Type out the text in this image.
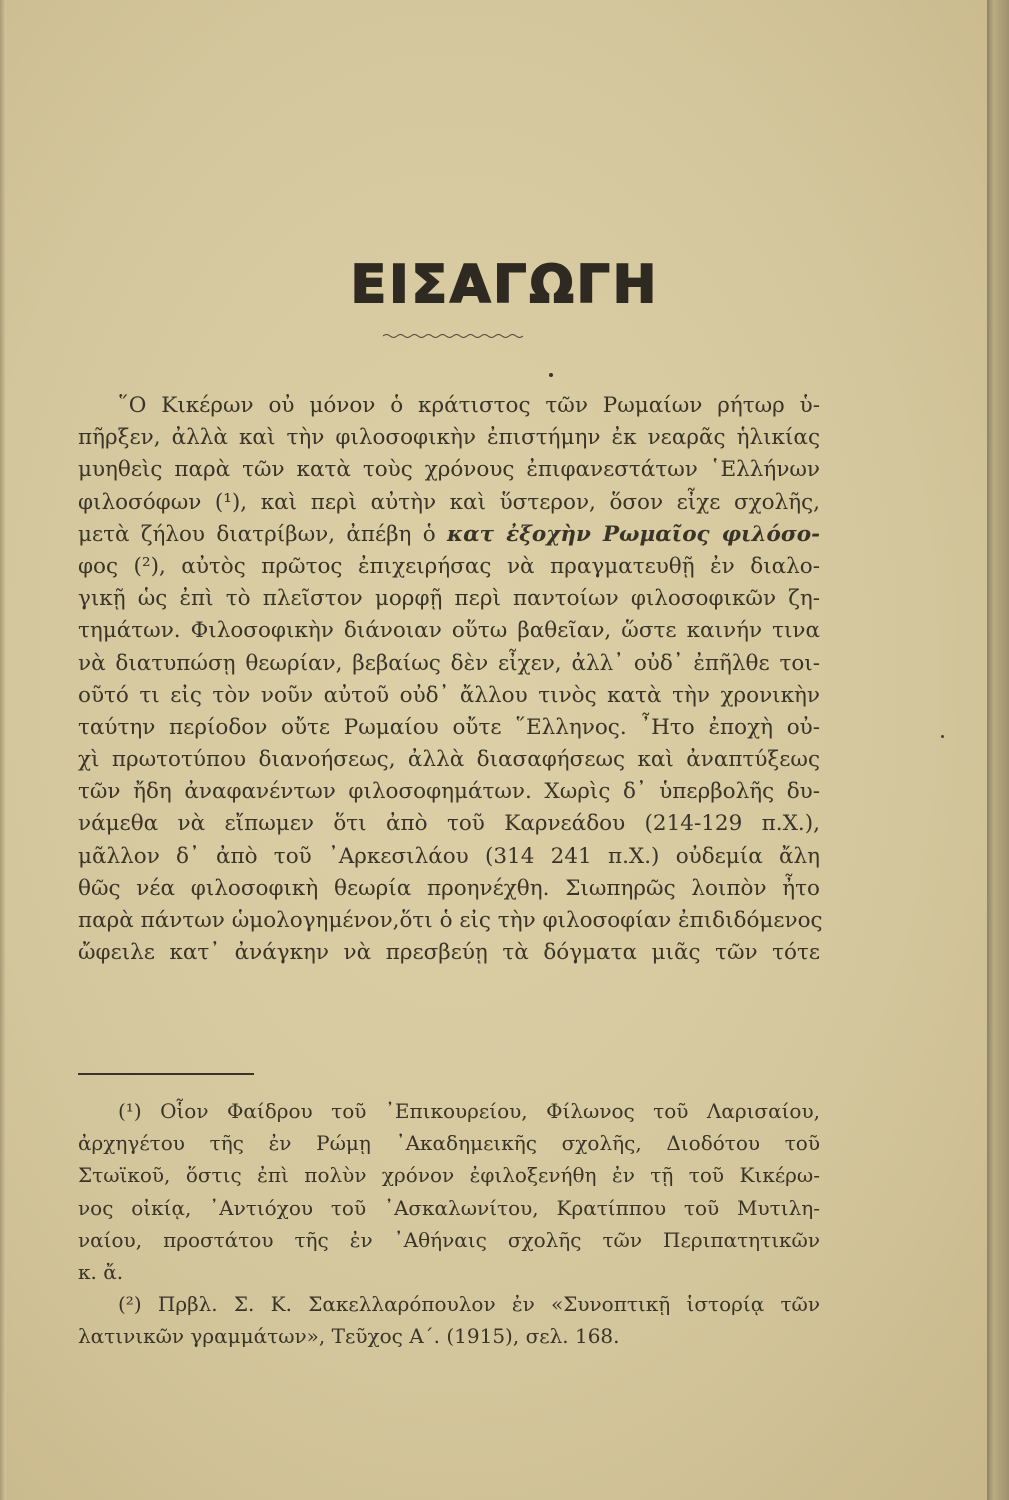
ΕΙΣΑΓΩΓΗ
῞Ο Κικέρων οὐ μόνον ὁ κράτιστος τῶν Ρωμαίων ρήτωρ ὑ-
πῆρξεν, ἀλλὰ καὶ τὴν φιλοσοφικὴν ἐπιστήμην ἐκ νεαρᾶς ἡλικίας
μυηθεὶς παρὰ τῶν κατὰ τοὺς χρόνους ἐπιφανεστάτων ῾Ελλήνων
φιλοσόφων (¹), καὶ περὶ αὐτὴν καὶ ὕστερον, ὅσον εἶχε σχολῆς,
μετὰ ζήλου διατρίβων, ἀπέβη ὁ κατ ἐξοχὴν Ρωμαῖος φιλόσο-
φος (²), αὐτὸς πρῶτος ἐπιχειρήσας νὰ πραγματευθῇ ἐν διαλο-
γικῇ ὡς ἐπὶ τὸ πλεῖστον μορφῇ περὶ παντοίων φιλοσοφικῶν ζη-
τημάτων. Φιλοσοφικὴν διάνοιαν οὕτω βαθεῖαν, ὥστε καινήν τινα
νὰ διατυπώσῃ θεωρίαν, βεβαίως δὲν εἶχεν, ἀλλ᾿ οὐδ᾿ ἐπῆλθε τοι-
οῦτό τι εἰς τὸν νοῦν αὐτοῦ οὐδ᾿ ἄλλου τινὸς κατὰ τὴν χρονικὴν
ταύτην περίοδον οὔτε Ρωμαίου οὔτε ῞Ελληνος. ῏Ητο ἐποχὴ οὐ-
χὶ πρωτοτύπου διανοήσεως, ἀλλὰ διασαφήσεως καὶ ἀναπτύξεως
τῶν ἤδη ἀναφανέντων φιλοσοφημάτων. Χωρὶς δ᾿ ὑπερβολῆς δυ-
νάμεθα νὰ εἴπωμεν ὅτι ἀπὸ τοῦ Καρνεάδου (214-129 π.Χ.),
μᾶλλον δ᾿ ἀπὸ τοῦ ᾿Αρκεσιλάου (314 241 π.Χ.) οὐδεμία ἄλη
θῶς νέα φιλοσοφικὴ θεωρία προηνέχθη. Σιωπηρῶς λοιπὸν ἦτο
παρὰ πάντων ὡμολογημένον,ὅτι ὁ εἰς τὴν φιλοσοφίαν ἐπιδιδόμενος
ὤφειλε κατ᾿ ἀνάγκην νὰ πρεσβεύῃ τὰ δόγματα μιᾶς τῶν τότε
(¹) Οἷον Φαίδρου τοῦ ᾿Επικουρείου, Φίλωνος τοῦ Λαρισαίου,
ἀρχηγέτου τῆς ἐν Ρώμῃ ᾿Ακαδημεικῆς σχολῆς, Διοδότου τοῦ
Στωϊκοῦ, ὅστις ἐπὶ πολὺν χρόνον ἐφιλοξενήθη ἐν τῇ τοῦ Κικέρω-
νος οἰκίᾳ, ᾿Αντιόχου τοῦ ᾿Ασκαλωνίτου, Κρατίππου τοῦ Μυτιλη-
ναίου, προστάτου τῆς ἐν ᾿Αθήναις σχολῆς τῶν Περιπατητικῶν
κ. ἄ.
(²) Πρβλ. Σ. Κ. Σακελλαρόπουλον ἐν «Συνοπτικῇ ἱστορίᾳ τῶν
λατινικῶν γραμμάτων», Τεῦχος Α΄. (1915), σελ. 168.
